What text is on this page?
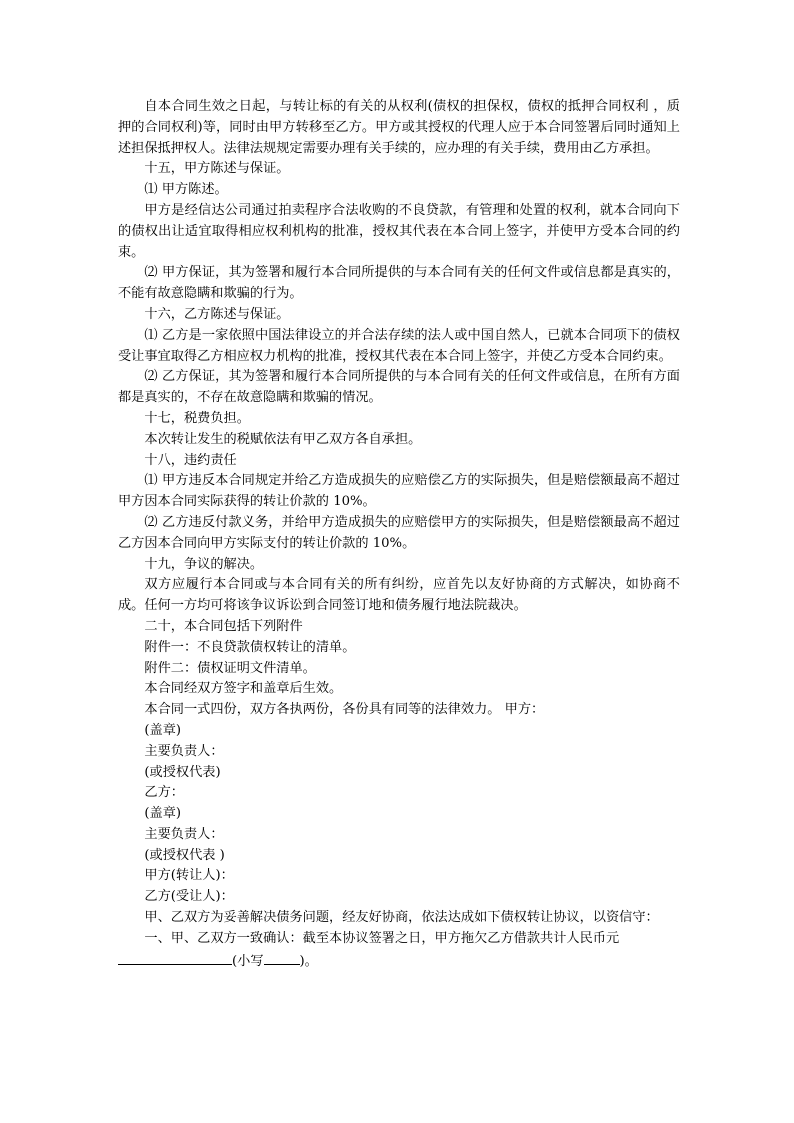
自本合同生效之日起，与转让标的有关的从权利(债权的担保权，债权的抵押合同权利 ，质押的合同权利)等，同时由甲方转移至乙方。甲方或其授权的代理人应于本合同签署后同时通知上述担保抵押权人。法律法规规定需要办理有关手续的，应办理的有关手续，费用由乙方承担。

十五，甲方陈述与保证。

⑴ 甲方陈述。

甲方是经信达公司通过拍卖程序合法收购的不良贷款，有管理和处置的权利，就本合同向下的债权出让适宜取得相应权利机构的批准，授权其代表在本合同上签字，并使甲方受本合同的约束。

⑵ 甲方保证，其为签署和履行本合同所提供的与本合同有关的任何文件或信息都是真实的，不能有故意隐瞒和欺骗的行为。

十六，乙方陈述与保证。

⑴ 乙方是一家依照中国法律设立的并合法存续的法人或中国自然人，已就本合同项下的债权受让事宜取得乙方相应权力机构的批准，授权其代表在本合同上签字，并使乙方受本合同约束。

⑵ 乙方保证，其为签署和履行本合同所提供的与本合同有关的任何文件或信息，在所有方面都是真实的，不存在故意隐瞒和欺骗的情况。

十七，税费负担。

本次转让发生的税赋依法有甲乙双方各自承担。

十八，违约责任

⑴ 甲方违反本合同规定并给乙方造成损失的应赔偿乙方的实际损失，但是赔偿额最高不超过甲方因本合同实际获得的转让价款的 10%。

⑵ 乙方违反付款义务，并给甲方造成损失的应赔偿甲方的实际损失，但是赔偿额最高不超过乙方因本合同向甲方实际支付的转让价款的 10%。

十九，争议的解决。

双方应履行本合同或与本合同有关的所有纠纷，应首先以友好协商的方式解决，如协商不成。任何一方均可将该争议诉讼到合同签订地和债务履行地法院裁决。

二十，本合同包括下列附件

附件一：不良贷款债权转让的清单。

附件二：债权证明文件清单。

本合同经双方签字和盖章后生效。

本合同一式四份，双方各执两份，各份具有同等的法律效力。 甲方：

(盖章)

主要负责人：

(或授权代表)

乙方：

(盖章)

主要负责人：

(或授权代表 )

甲方(转让人)：

乙方(受让人)：

甲、乙双方为妥善解决债务问题，经友好协商，依法达成如下债权转让协议，以资信守：

一、甲、乙双方一致确认：截至本协议签署之日，甲方拖欠乙方借款共计人民币元

(小写	)。
